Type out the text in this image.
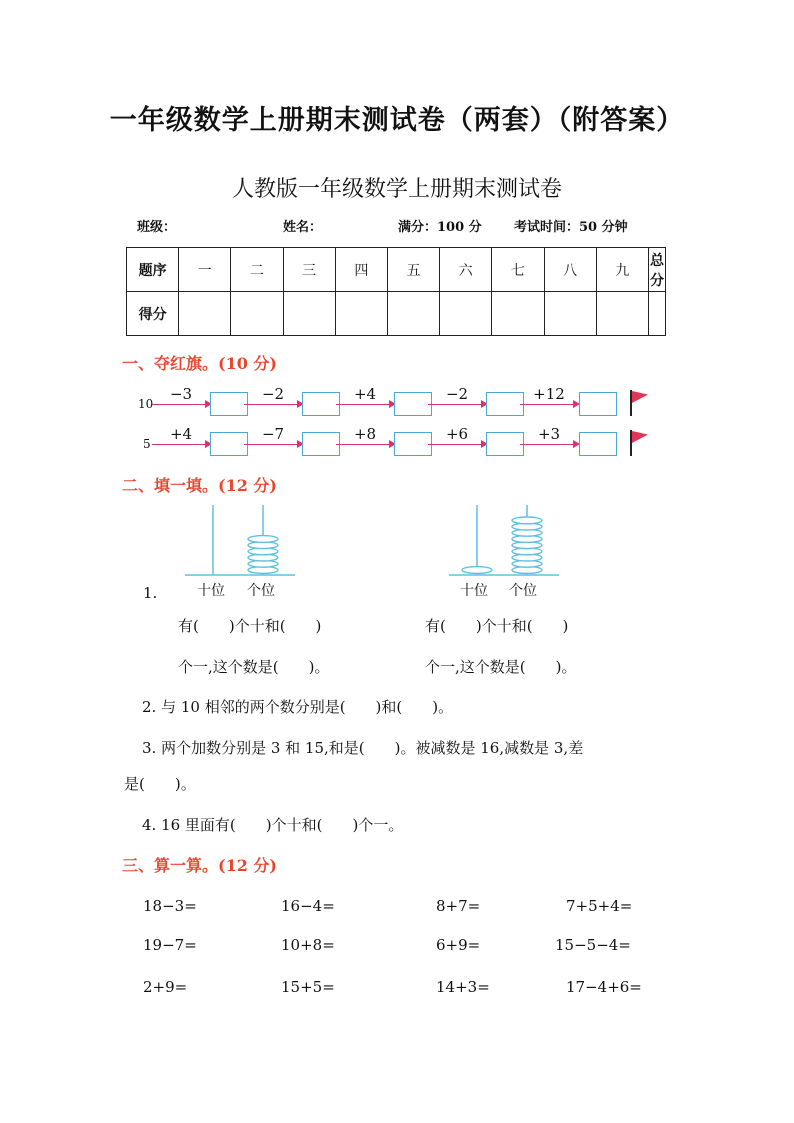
一年级数学上册期末测试卷（两套）（附答案）
人教版一年级数学上册期末测试卷
班级：	姓名：	满分：100 分 考试时间：50 分钟
题序	一	二	三	四	五	六	七	八	九	总分
得分										
一、夺红旗。(10 分)
10
−3	−2	+4	−2	+12
5
+4	−7	+8	+6	+3
二、填一填。(12 分)
十位 个位	十位 个位
1.
有(　　)个十和(　　)
个一,这个数是(　　)。
有(　　)个十和(　　)
个一,这个数是(　　)。
2. 与 10 相邻的两个数分别是(　　)和(　　)。
3. 两个加数分别是 3 和 15,和是(　　)。被减数是 16,减数是 3,差
是(　　)。
4. 16 里面有(　　)个十和(　　)个一。
三、算一算。(12 分)
18−3=	16−4=	8+7=	7+5+4=
19−7=	10+8=	6+9=	15−5−4=
2+9=	15+5=	14+3=	17−4+6=
